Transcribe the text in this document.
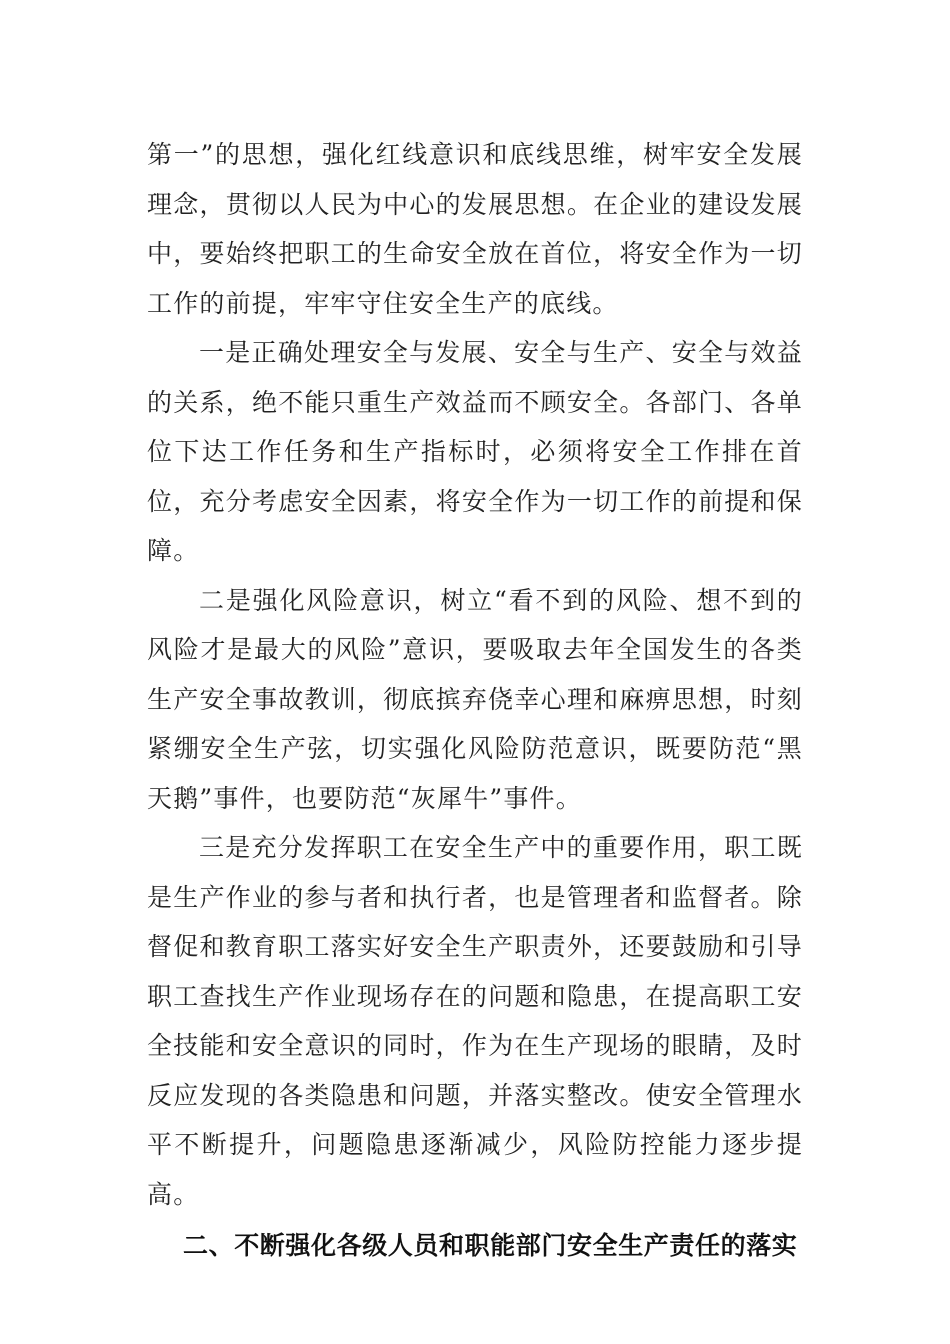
第一”的思想，强化红线意识和底线思维，树牢安全发展理念，贯彻以人民为中心的发展思想。在企业的建设发展中，要始终把职工的生命安全放在首位，将安全作为一切工作的前提，牢牢守住安全生产的底线。

一是正确处理安全与发展、安全与生产、安全与效益的关系，绝不能只重生产效益而不顾安全。各部门、各单位下达工作任务和生产指标时，必须将安全工作排在首位，充分考虑安全因素，将安全作为一切工作的前提和保障。

二是强化风险意识，树立“看不到的风险、想不到的风险才是最大的风险”意识，要吸取去年全国发生的各类生产安全事故教训，彻底摈弃侥幸心理和麻痹思想，时刻紧绷安全生产弦，切实强化风险防范意识，既要防范“黑天鹅”事件，也要防范“灰犀牛”事件。

三是充分发挥职工在安全生产中的重要作用，职工既是生产作业的参与者和执行者，也是管理者和监督者。除督促和教育职工落实好安全生产职责外，还要鼓励和引导职工查找生产作业现场存在的问题和隐患，在提高职工安全技能和安全意识的同时，作为在生产现场的眼睛，及时反应发现的各类隐患和问题，并落实整改。使安全管理水平不断提升，问题隐患逐渐减少，风险防控能力逐步提高。

二、不断强化各级人员和职能部门安全生产责任的落实
